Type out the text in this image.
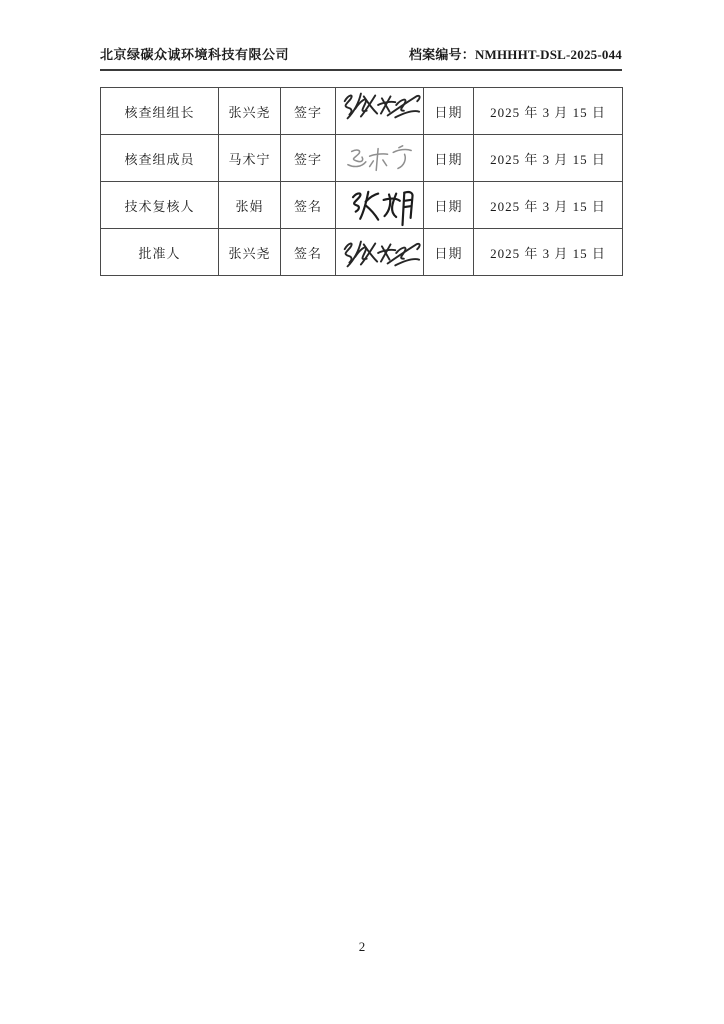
北京绿碳众诚环境科技有限公司	档案编号：NMHHHT-DSL-2025-044
核查组组长	张兴尧	签字		日期	2025 年 3 月 15 日
核查组成员	马术宁	签字		日期	2025 年 3 月 15 日
技术复核人	张娟	签名		日期	2025 年 3 月 15 日
批准人	张兴尧	签名		日期	2025 年 3 月 15 日
2
